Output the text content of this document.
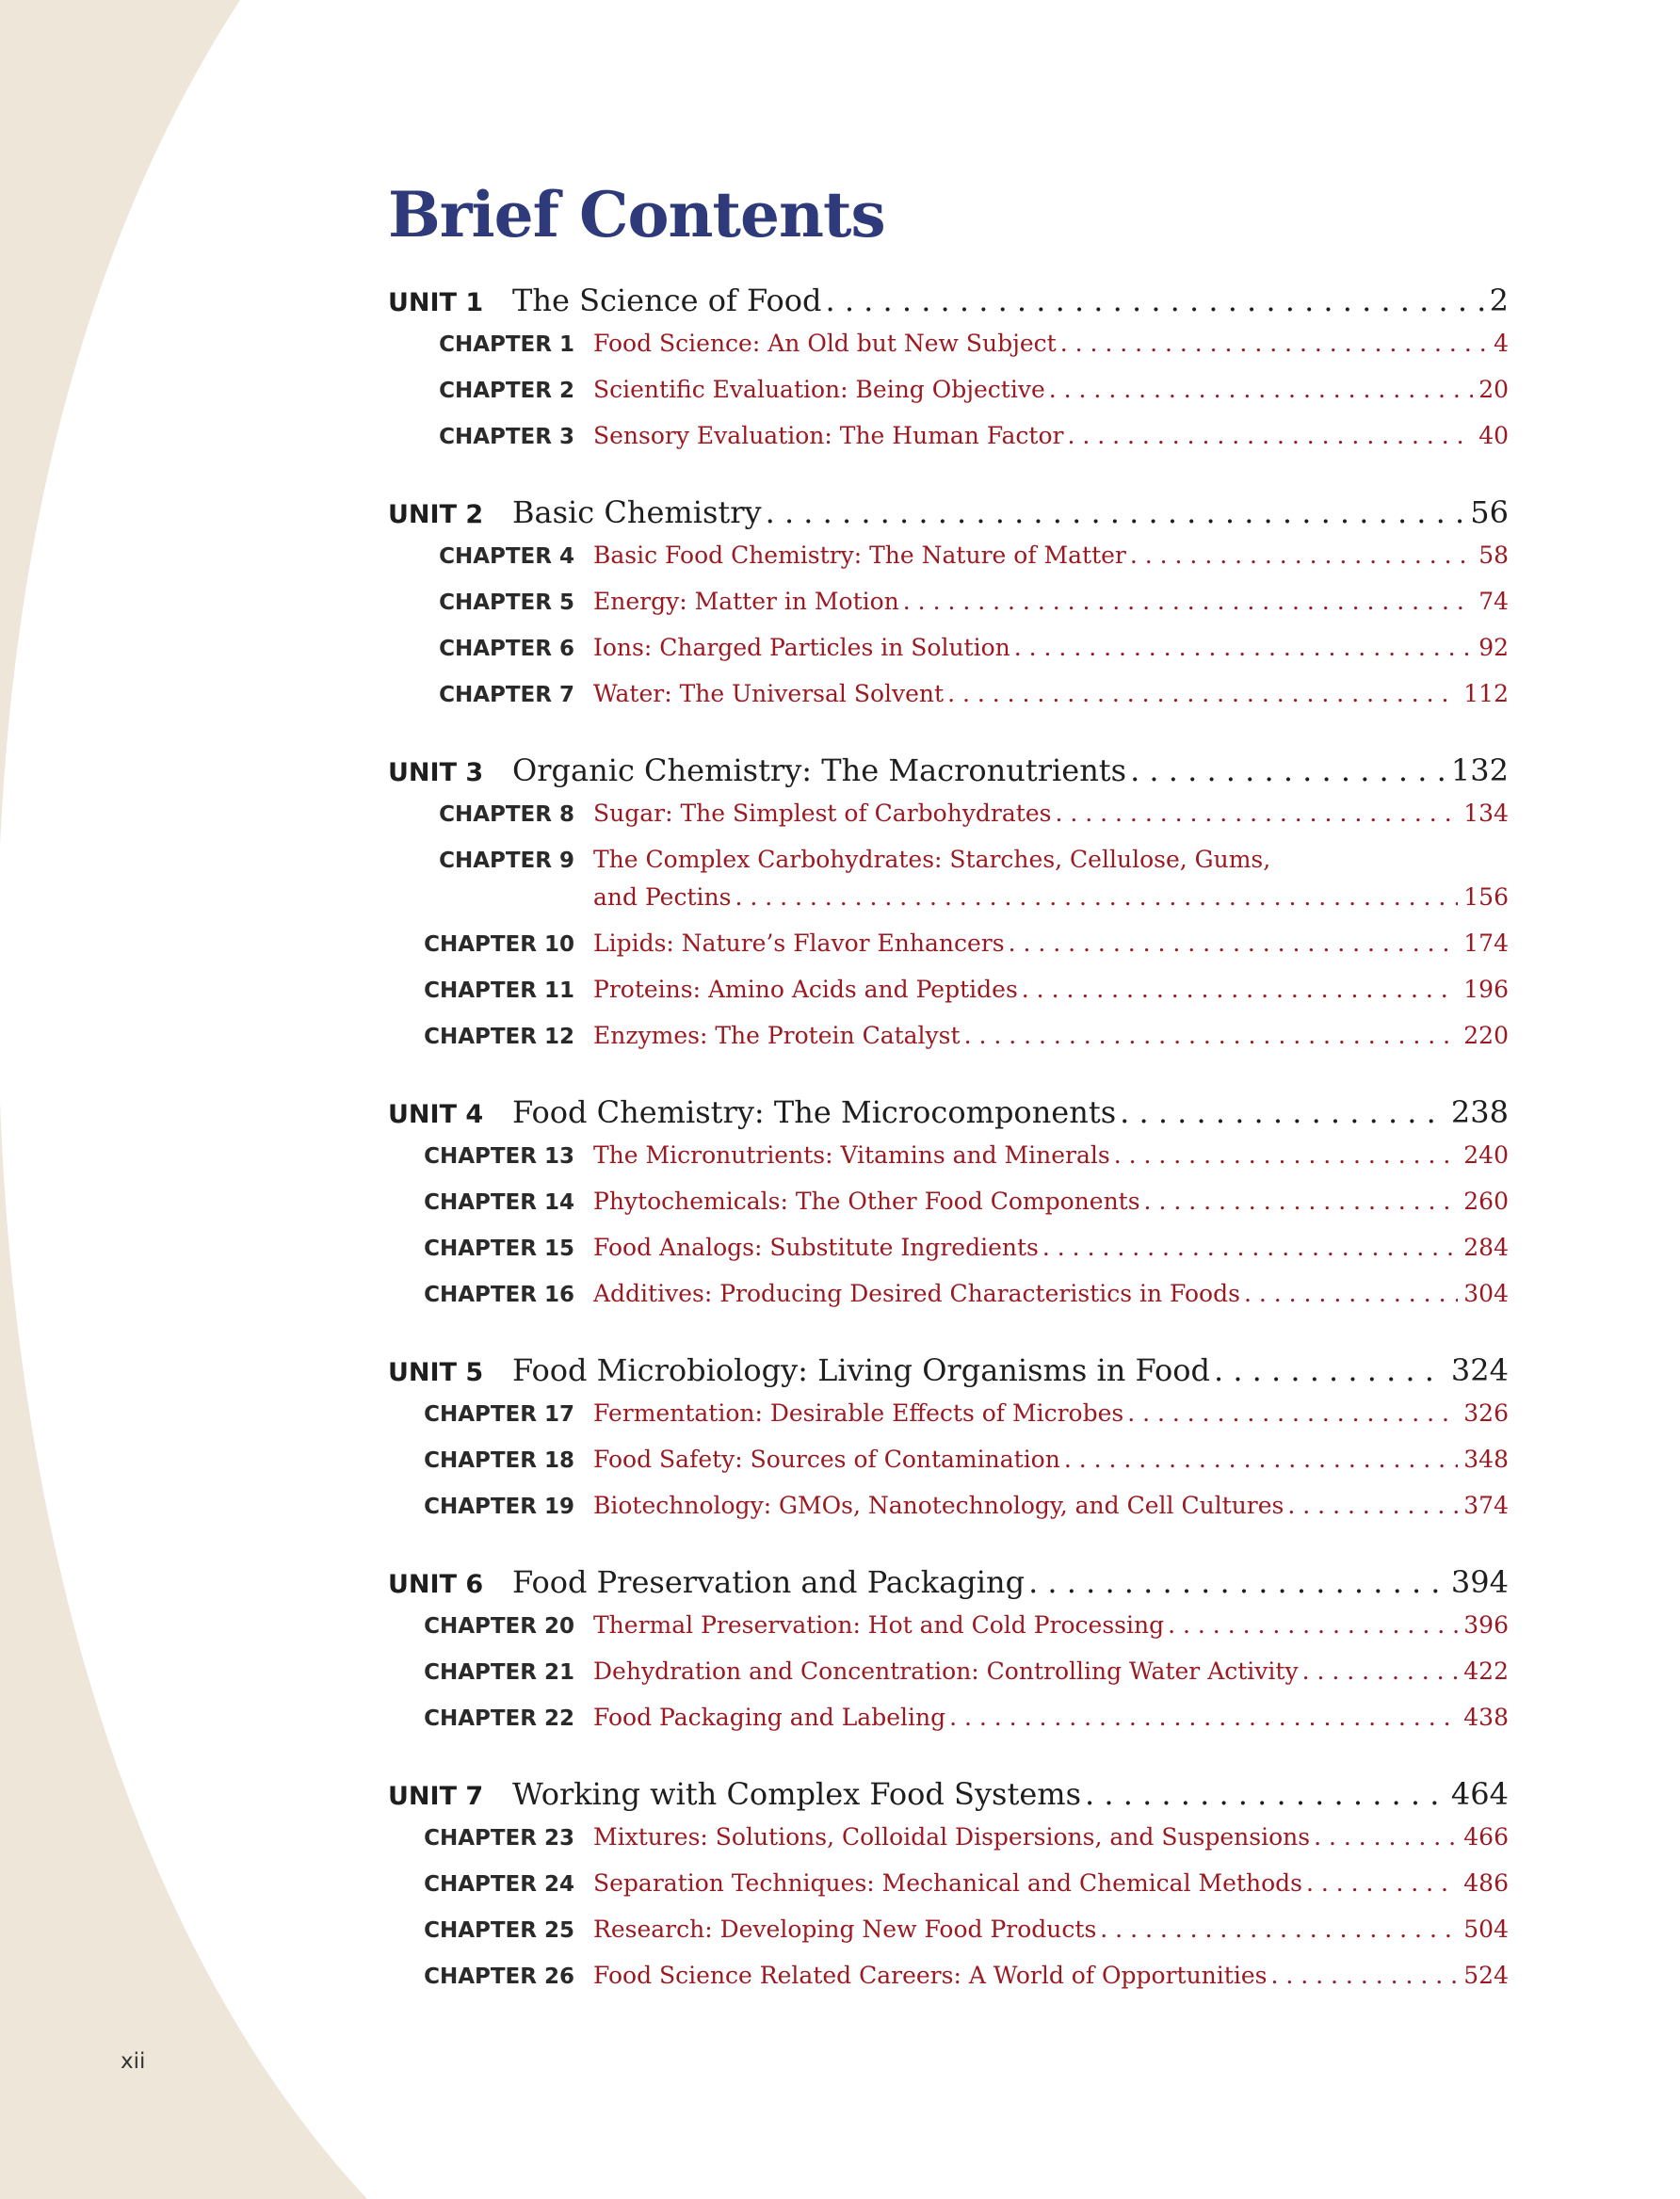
Brief Contents
UNIT 1 The Science of Food . . .	2
CHAPTER 1 Food Science: An Old but New Subject . . .	4
CHAPTER 2 Scientific Evaluation: Being Objective . . .	20
CHAPTER 3 Sensory Evaluation: The Human Factor . . .	40
UNIT 2 Basic Chemistry . . .	56
CHAPTER 4 Basic Food Chemistry: The Nature of Matter . . .	58
CHAPTER 5 Energy: Matter in Motion . . .	74
CHAPTER 6 Ions: Charged Particles in Solution . . .	92
CHAPTER 7 Water: The Universal Solvent . . .	112
UNIT 3 Organic Chemistry: The Macronutrients . . .	132
CHAPTER 8 Sugar: The Simplest of Carbohydrates . . .	134
CHAPTER 9 The Complex Carbohydrates: Starches, Cellulose, Gums,
and Pectins . . .	156
CHAPTER 10 Lipids: Nature’s Flavor Enhancers . . .	174
CHAPTER 11 Proteins: Amino Acids and Peptides . . .	196
CHAPTER 12 Enzymes: The Protein Catalyst . . .	220
UNIT 4 Food Chemistry: The Microcomponents . . .	238
CHAPTER 13 The Micronutrients: Vitamins and Minerals . . .	240
CHAPTER 14 Phytochemicals: The Other Food Components . . .	260
CHAPTER 15 Food Analogs: Substitute Ingredients . . .	284
CHAPTER 16 Additives: Producing Desired Characteristics in Foods . . .	304
UNIT 5 Food Microbiology: Living Organisms in Food . . .	324
CHAPTER 17 Fermentation: Desirable Effects of Microbes . . .	326
CHAPTER 18 Food Safety: Sources of Contamination . . .	348
CHAPTER 19 Biotechnology: GMOs, Nanotechnology, and Cell Cultures . . .	374
UNIT 6 Food Preservation and Packaging . . .	394
CHAPTER 20 Thermal Preservation: Hot and Cold Processing . . .	396
CHAPTER 21 Dehydration and Concentration: Controlling Water Activity . . .	422
CHAPTER 22 Food Packaging and Labeling . . .	438
UNIT 7 Working with Complex Food Systems . . .	464
CHAPTER 23 Mixtures: Solutions, Colloidal Dispersions, and Suspensions . . .	466
CHAPTER 24 Separation Techniques: Mechanical and Chemical Methods . . .	486
CHAPTER 25 Research: Developing New Food Products . . .	504
CHAPTER 26 Food Science Related Careers: A World of Opportunities . . .	524
xii
